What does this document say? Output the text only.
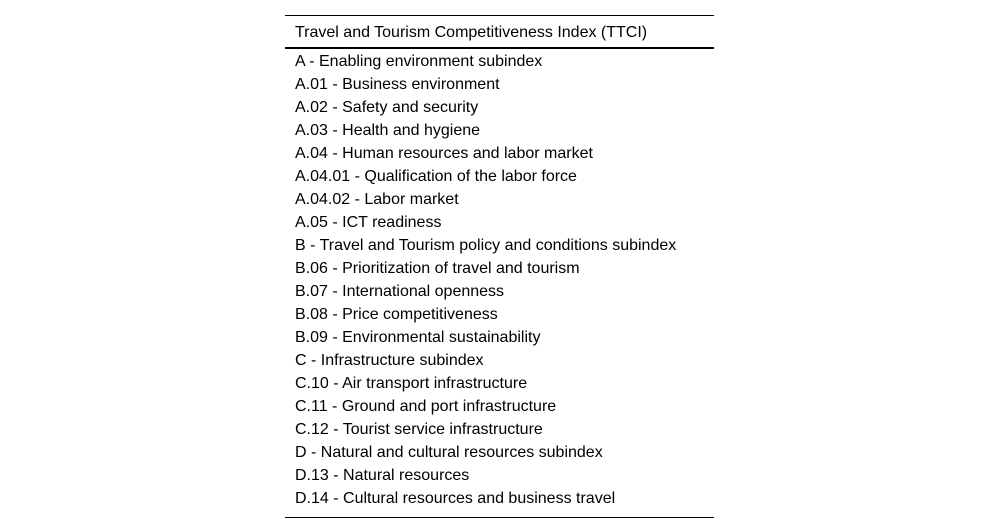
Travel and Tourism Competitiveness Index (TTCI)
A - Enabling environment subindex
A.01 - Business environment
A.02 - Safety and security
A.03 - Health and hygiene
A.04 - Human resources and labor market
A.04.01 - Qualification of the labor force
A.04.02 - Labor market
A.05 - ICT readiness
B - Travel and Tourism policy and conditions subindex
B.06 - Prioritization of travel and tourism
B.07 - International openness
B.08 - Price competitiveness
B.09 - Environmental sustainability
C - Infrastructure subindex
C.10 - Air transport infrastructure
C.11 - Ground and port infrastructure
C.12 - Tourist service infrastructure
D - Natural and cultural resources subindex
D.13 - Natural resources
D.14 - Cultural resources and business travel
